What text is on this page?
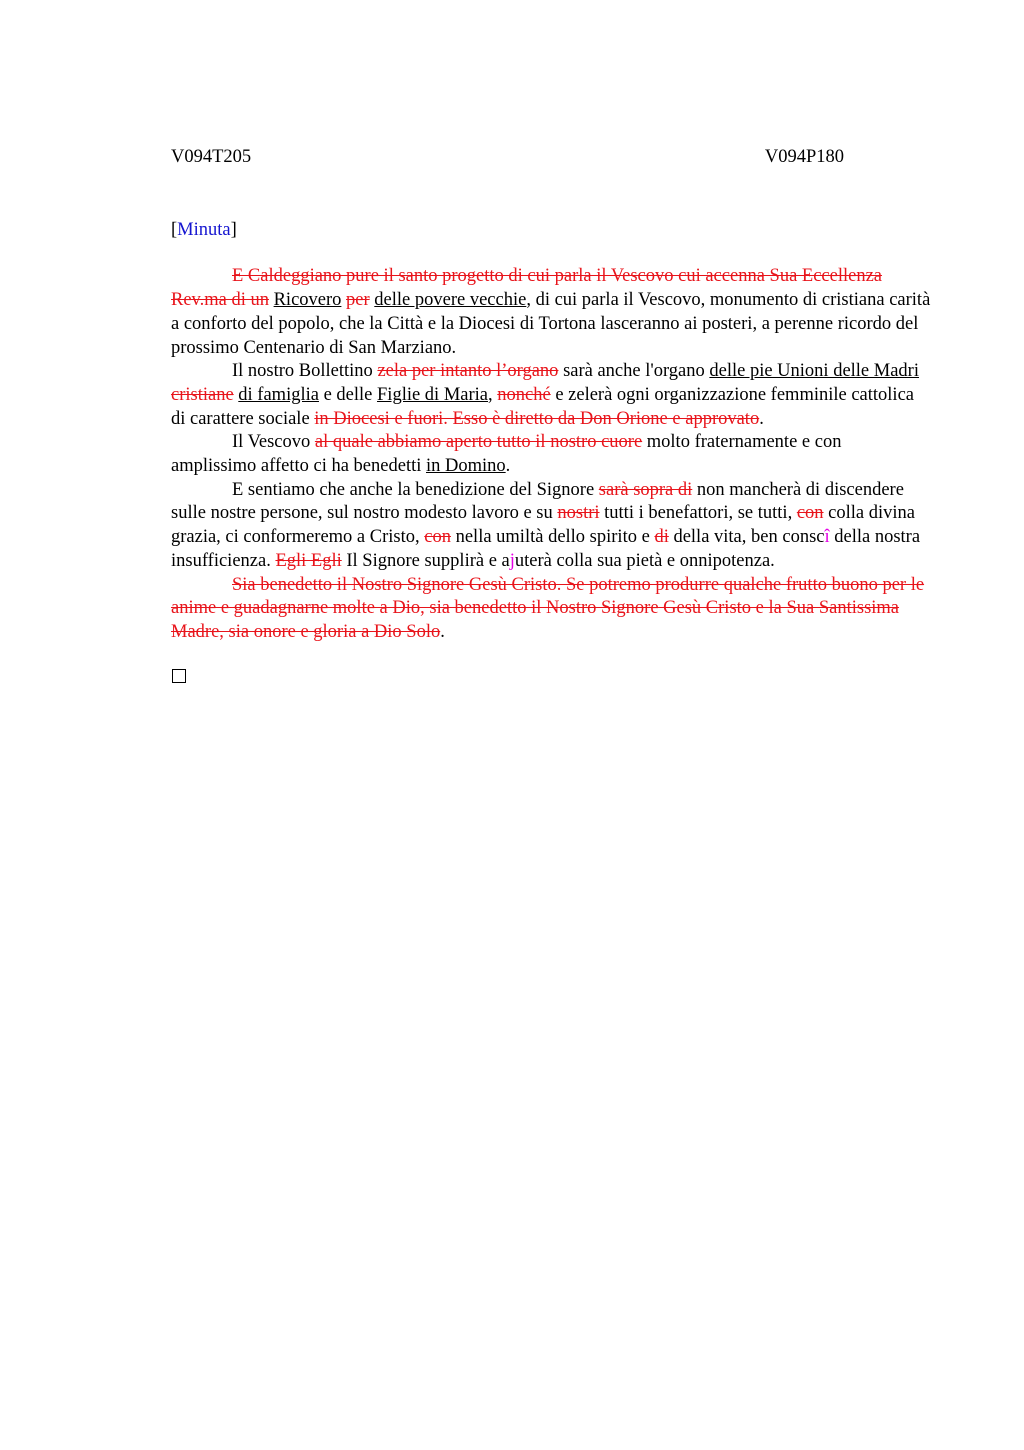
V094T205	V094P180
[Minuta]

E Caldeggiano pure il santo progetto di cui parla il Vescovo cui accenna Sua Eccellenza Rev.ma di un Ricovero per delle povere vecchie, di cui parla il Vescovo, monumento di cristiana carità a conforto del popolo, che la Città e la Diocesi di Tortona lasceranno ai posteri, a perenne ricordo del prossimo Centenario di San Marziano.

Il nostro Bollettino zela per intanto l’organo sarà anche l'organo delle pie Unioni delle Madri cristiane di famiglia e delle Figlie di Maria, nonché e zelerà ogni organizzazione femminile cattolica di carattere sociale in Diocesi e fuori. Esso è diretto da Don Orione e approvato.

Il Vescovo al quale abbiamo aperto tutto il nostro cuore molto fraternamente e con amplissimo affetto ci ha benedetti in Domino.

E sentiamo che anche la benedizione del Signore sarà sopra di non mancherà di discendere sulle nostre persone, sul nostro modesto lavoro e su nostri tutti i benefattori, se tutti, con colla divina grazia, ci conformeremo a Cristo, con nella umiltà dello spirito e di della vita, ben conscî della nostra insufficienza. Egli Egli Il Signore supplirà e ajuterà colla sua pietà e onnipotenza.

Sia benedetto il Nostro Signore Gesù Cristo. Se potremo produrre qualche frutto buono per le anime e guadagnarne molte a Dio, sia benedetto il Nostro Signore Gesù Cristo e la Sua Santissima Madre, sia onore e gloria a Dio Solo.
